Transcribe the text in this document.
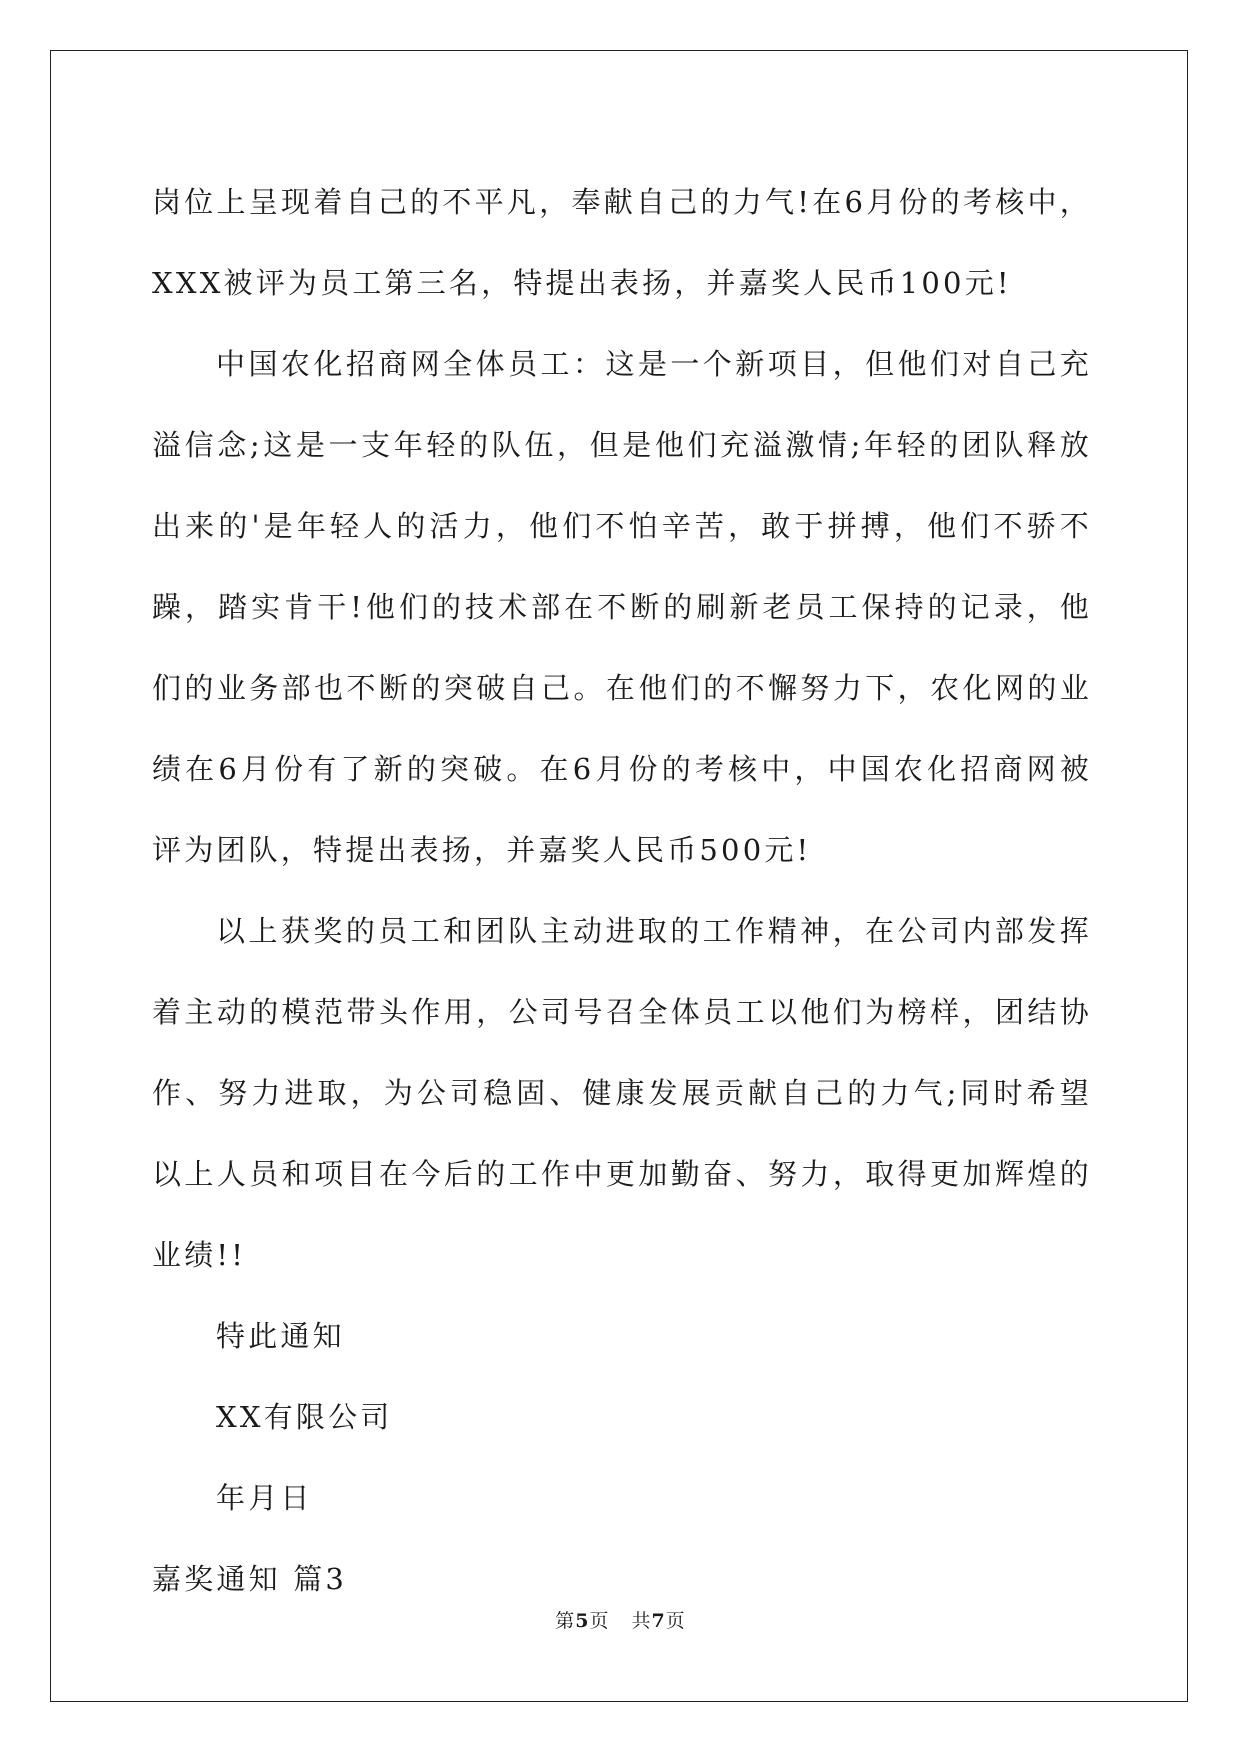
岗位上呈现着自己的不平凡，奉献自己的力气!在6月份的考核中，XXX被评为员工第三名，特提出表扬，并嘉奖人民币100元!

中国农化招商网全体员工：这是一个新项目，但他们对自己充溢信念;这是一支年轻的队伍，但是他们充溢激情;年轻的团队释放出来的'是年轻人的活力，他们不怕辛苦，敢于拼搏，他们不骄不躁，踏实肯干!他们的技术部在不断的刷新老员工保持的记录，他们的业务部也不断的突破自己。在他们的不懈努力下，农化网的业绩在6月份有了新的突破。在6月份的考核中，中国农化招商网被评为团队，特提出表扬，并嘉奖人民币500元!

以上获奖的员工和团队主动进取的工作精神，在公司内部发挥着主动的模范带头作用，公司号召全体员工以他们为榜样，团结协作、努力进取，为公司稳固、健康发展贡献自己的力气;同时希望以上人员和项目在今后的工作中更加勤奋、努力，取得更加辉煌的业绩!!

特此通知

XX有限公司

年月日

嘉奖通知 篇3

第5页 共7页
